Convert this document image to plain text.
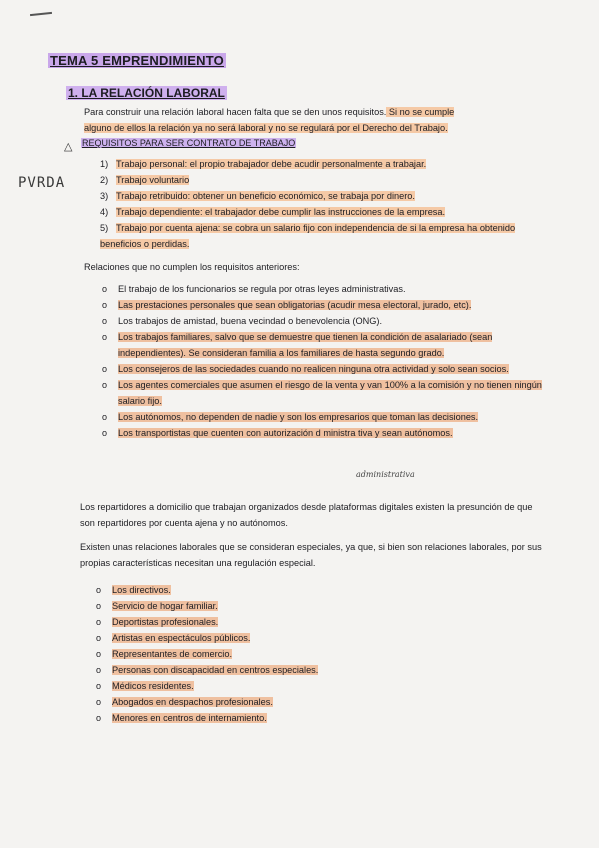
TEMA 5 EMPRENDIMIENTO
1. LA RELACIÓN LABORAL
Para construir una relación laboral hacen falta que se den unos requisitos. Si no se cumple
alguno de ellos la relación ya no será laboral y no se regulará por el Derecho del Trabajo.
△ REQUISITOS PARA SER CONTRATO DE TRABAJO
PVRDA
1) Trabajo personal: el propio trabajador debe acudir personalmente a trabajar.
2) Trabajo voluntario
3) Trabajo retribuido: obtener un beneficio económico, se trabaja por dinero.
4) Trabajo dependiente: el trabajador debe cumplir las instrucciones de la empresa.
5) Trabajo por cuenta ajena: se cobra un salario fijo con independencia de si la empresa ha obtenido beneficios o perdidas.
Relaciones que no cumplen los requisitos anteriores:
o El trabajo de los funcionarios se regula por otras leyes administrativas.
o Las prestaciones personales que sean obligatorias (acudir mesa electoral, jurado, etc).
o Los trabajos de amistad, buena vecindad o benevolencia (ONG).
o Los trabajos familiares, salvo que se demuestre que tienen la condición de asalariado (sean independientes). Se consideran familia a los familiares de hasta segundo grado.
o Los consejeros de las sociedades cuando no realicen ninguna otra actividad y solo sean socios.
o Los agentes comerciales que asumen el riesgo de la venta y van 100% a la comisión y no tienen ningún salario fijo.
o Los autónomos, no dependen de nadie y son los empresarios que toman las decisiones.
o Los transportistas que cuenten con autorización d ministra tiva y sean autónomos.
administrativa
Los repartidores a domicilio que trabajan organizados desde plataformas digitales existen la presunción de que son repartidores por cuenta ajena y no autónomos.
Existen unas relaciones laborales que se consideran especiales, ya que, si bien son relaciones laborales, por sus propias características necesitan una regulación especial.
o Los directivos.
o Servicio de hogar familiar.
o Deportistas profesionales.
o Artistas en espectáculos públicos.
o Representantes de comercio.
o Personas con discapacidad en centros especiales.
o Médicos residentes.
o Abogados en despachos profesionales.
o Menores en centros de internamiento.
